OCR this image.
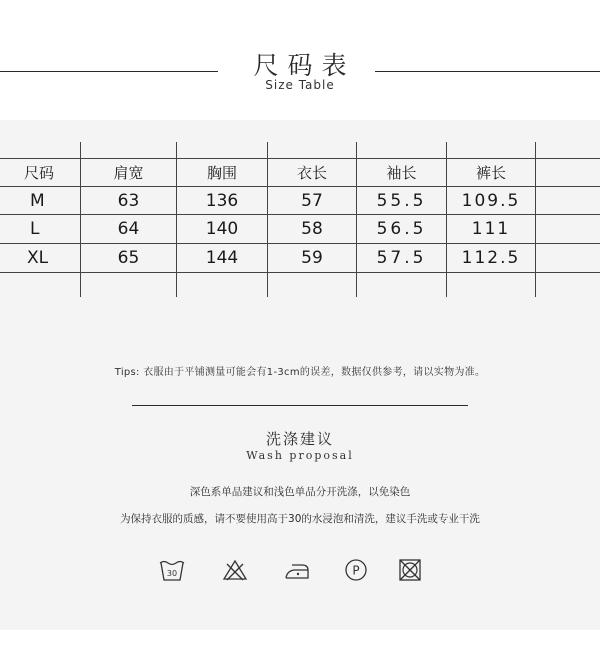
尺码表
Size Table
尺码	肩宽	胸围	衣长	袖长	裤长
M	63	136	57	55.5	109.5
L	64	140	58	56.5	111
XL	65	144	59	57.5	112.5
Tips: 衣服由于平铺测量可能会有1-3cm的误差，数据仅供参考，请以实物为准。
洗涤建议
Wash proposal
深色系单品建议和浅色单品分开洗涤，以免染色
为保持衣服的质感，请不要使用高于30的水浸泡和清洗，建议手洗或专业干洗
30	P
